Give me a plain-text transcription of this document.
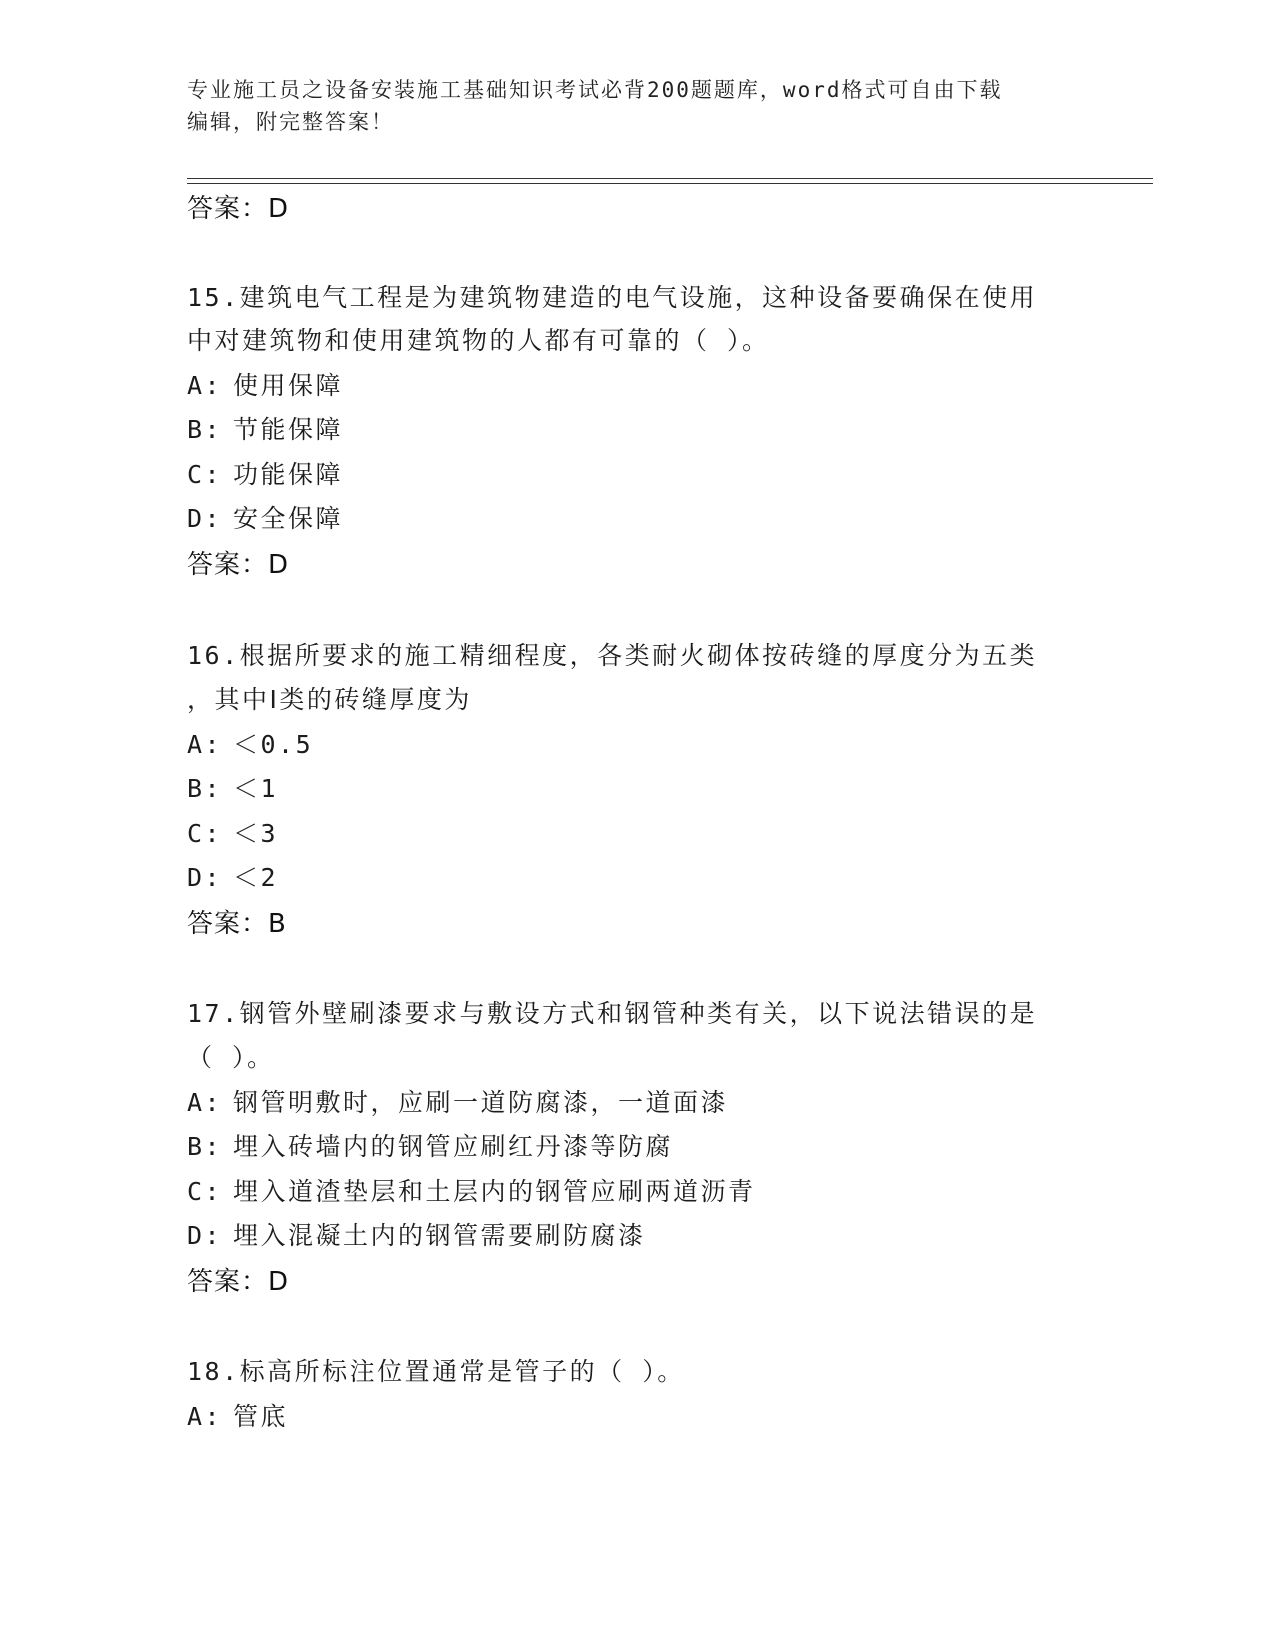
专业施工员之设备安装施工基础知识考试必背200题题库，word格式可自由下载
编辑，附完整答案！
答案：D
15.建筑电气工程是为建筑物建造的电气设施，这种设备要确保在使用
中对建筑物和使用建筑物的人都有可靠的（ ）。
A: 使用保障
B: 节能保障
C: 功能保障
D: 安全保障
答案：D
16.根据所要求的施工精细程度，各类耐火砌体按砖缝的厚度分为五类
，其中Ⅰ类的砖缝厚度为
A: ＜0.5
B: ＜1
C: ＜3
D: ＜2
答案：B
17.钢管外壁刷漆要求与敷设方式和钢管种类有关，以下说法错误的是
（ ）。
A: 钢管明敷时，应刷一道防腐漆，一道面漆
B: 埋入砖墙内的钢管应刷红丹漆等防腐
C: 埋入道渣垫层和土层内的钢管应刷两道沥青
D: 埋入混凝土内的钢管需要刷防腐漆
答案：D
18.标高所标注位置通常是管子的（ ）。
A: 管底
